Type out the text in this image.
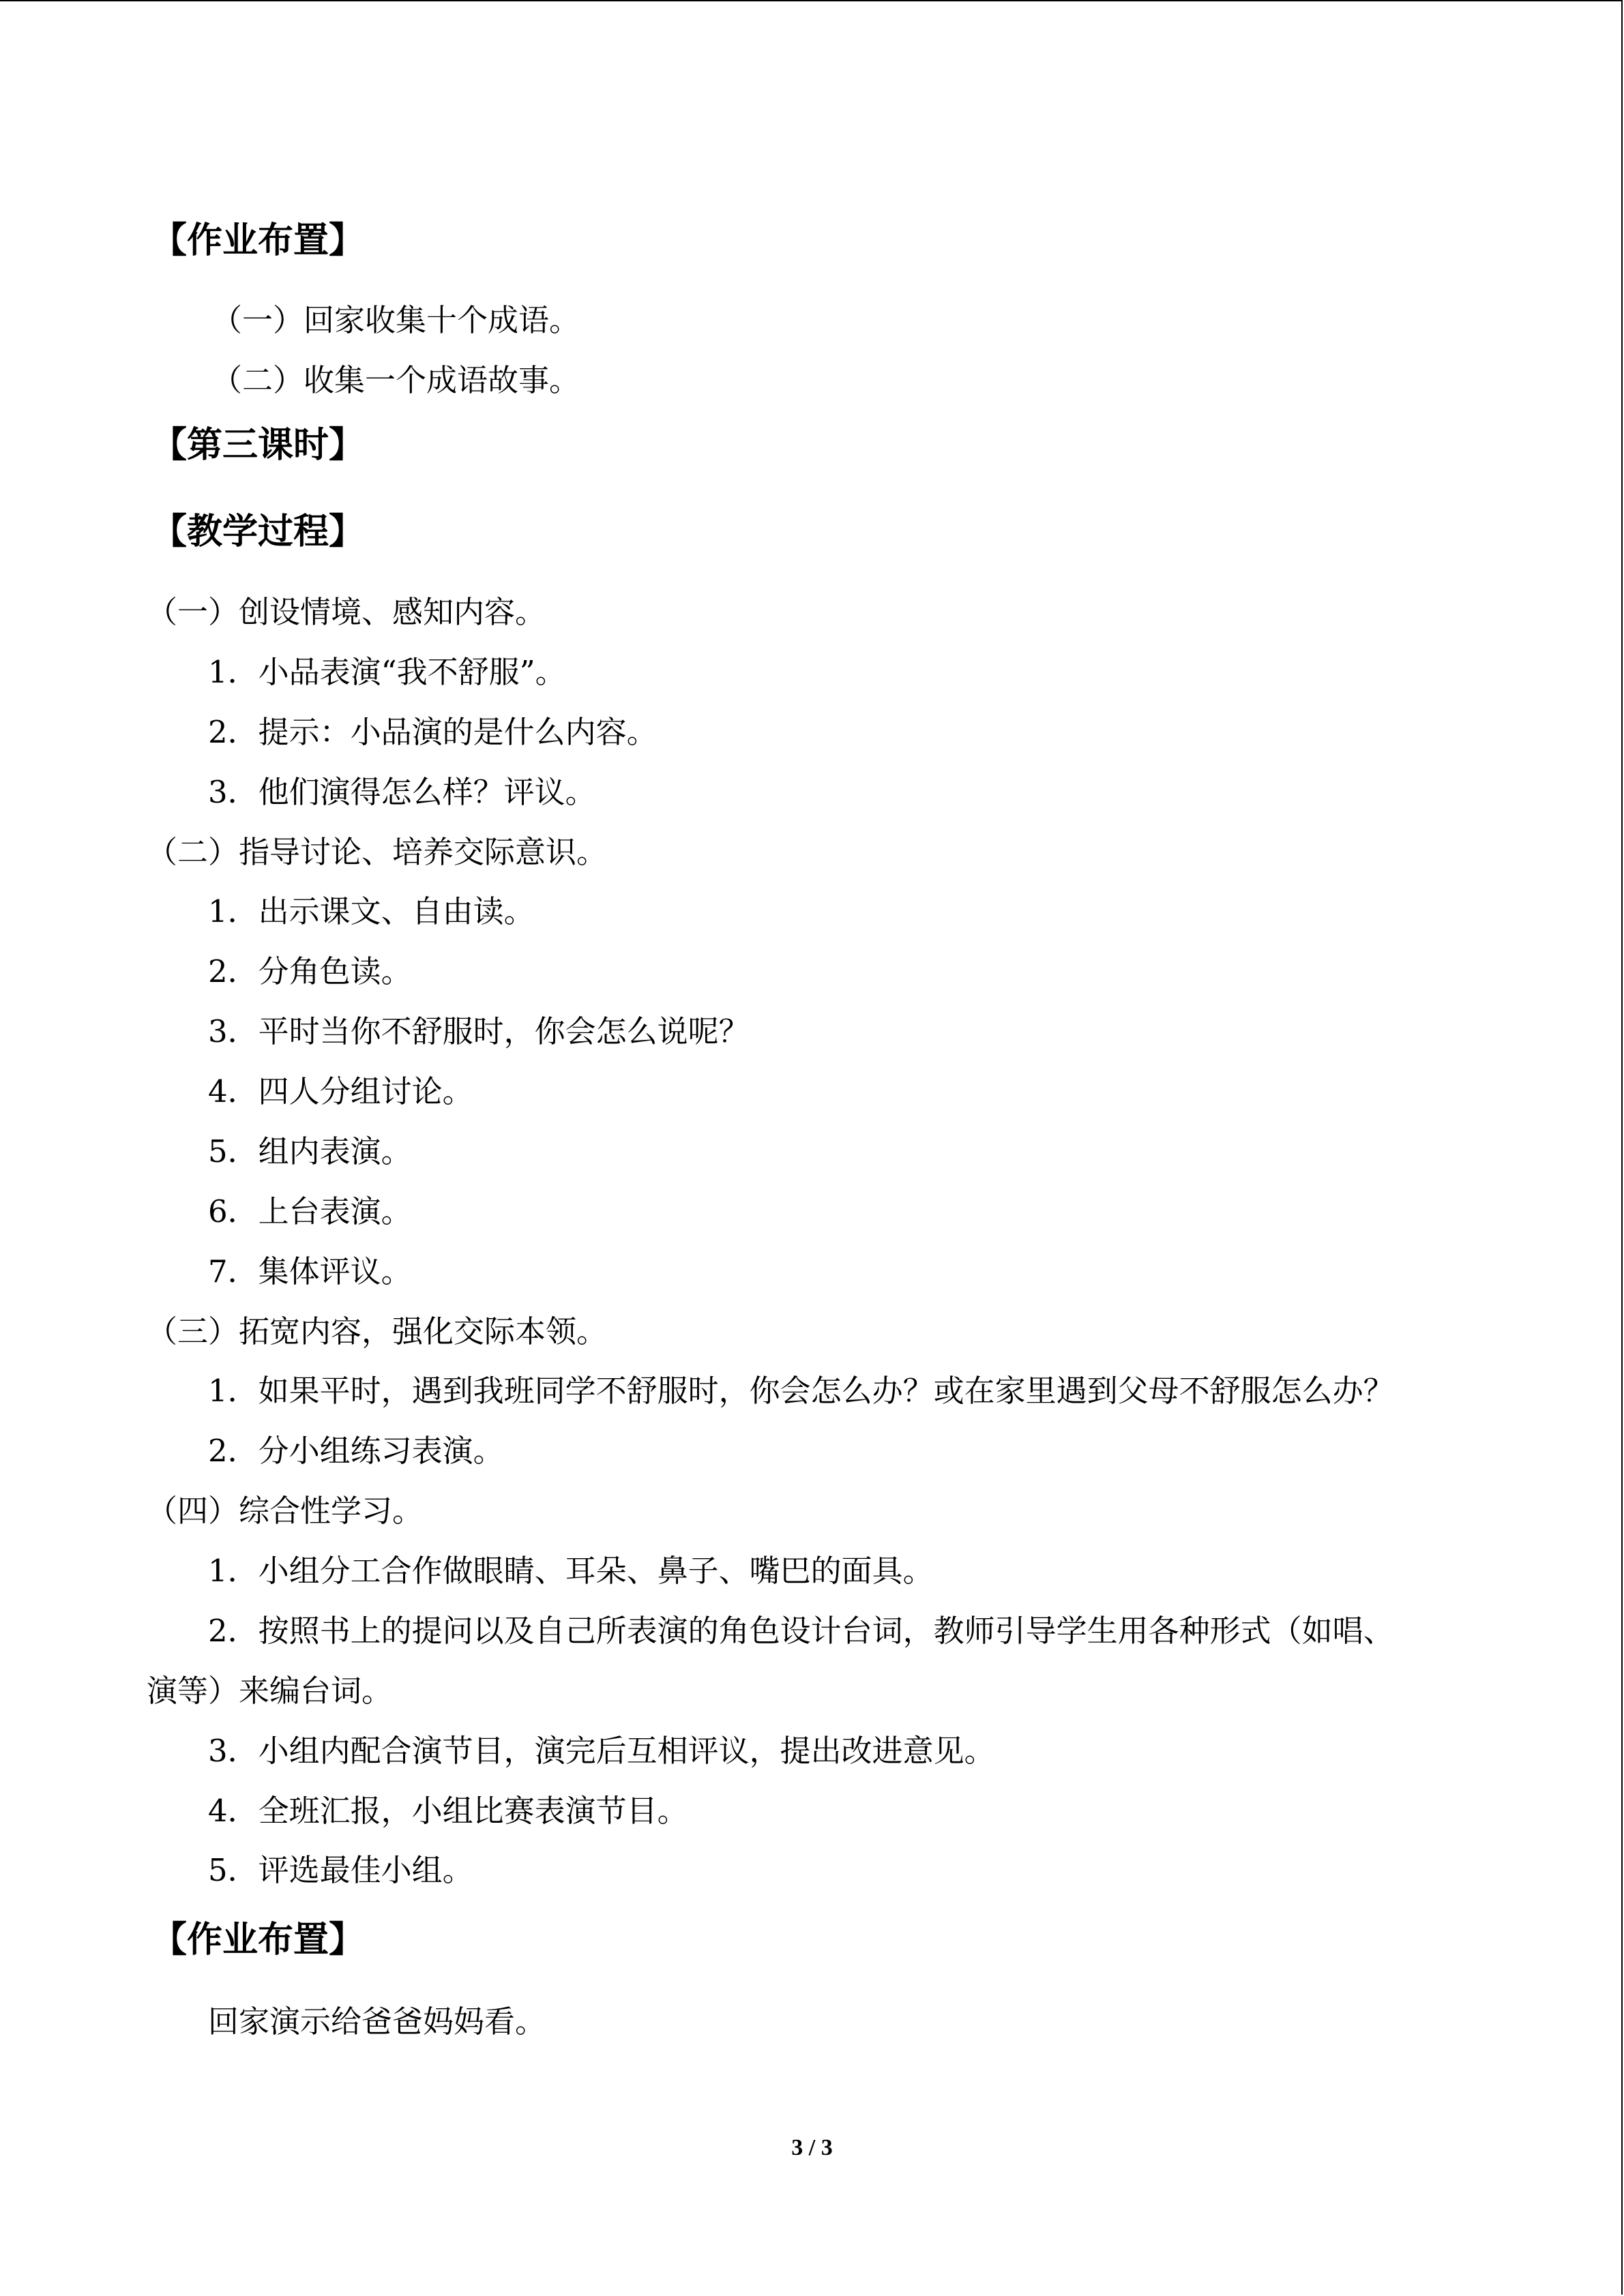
【作业布置】
（一）回家收集十个成语。
（二）收集一个成语故事。
【第三课时】
【教学过程】
（一）创设情境、感知内容。
1．小品表演“我不舒服”。
2．提示：小品演的是什么内容。
3．他们演得怎么样？评议。
（二）指导讨论、培养交际意识。
1．出示课文、自由读。
2．分角色读。
3．平时当你不舒服时，你会怎么说呢？
4．四人分组讨论。
5．组内表演。
6．上台表演。
7．集体评议。
（三）拓宽内容，强化交际本领。
1．如果平时，遇到我班同学不舒服时，你会怎么办？或在家里遇到父母不舒服怎么办？
2．分小组练习表演。
（四）综合性学习。
1．小组分工合作做眼睛、耳朵、鼻子、嘴巴的面具。
2．按照书上的提问以及自己所表演的角色设计台词，教师引导学生用各种形式（如唱、
演等）来编台词。
3．小组内配合演节目，演完后互相评议，提出改进意见。
4．全班汇报，小组比赛表演节目。
5．评选最佳小组。
【作业布置】
回家演示给爸爸妈妈看。
3 / 3
